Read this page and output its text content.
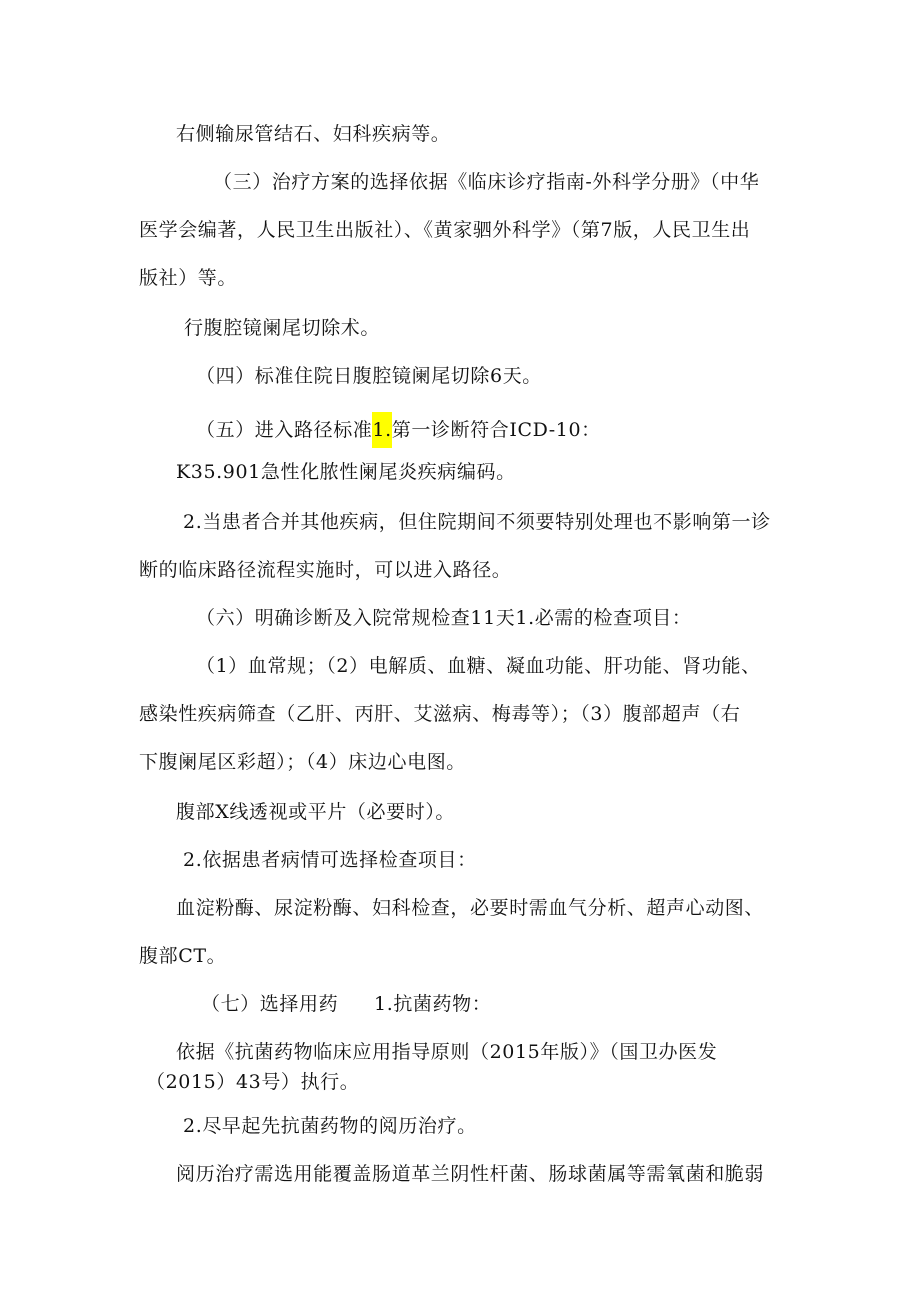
右侧输尿管结石、妇科疾病等。
（三）治疗方案的选择依据《临床诊疗指南-外科学分册》（中华
医学会编著，人民卫生出版社）、《黄家驷外科学》（第7版，人民卫生出
版社）等。
行腹腔镜阑尾切除术。
（四）标准住院日腹腔镜阑尾切除6天。
（五）进入路径标准1.第一诊断符合ICD-10：
K35.901急性化脓性阑尾炎疾病编码。
2.当患者合并其他疾病，但住院期间不须要特别处理也不影响第一诊
断的临床路径流程实施时，可以进入路径。
（六）明确诊断及入院常规检查11天1.必需的检查项目：
（1）血常规；（2）电解质、血糖、凝血功能、肝功能、肾功能、
感染性疾病筛查（乙肝、丙肝、艾滋病、梅毒等）；（3）腹部超声（右
下腹阑尾区彩超）；（4）床边心电图。
腹部X线透视或平片（必要时）。
2.依据患者病情可选择检查项目：
血淀粉酶、尿淀粉酶、妇科检查，必要时需血气分析、超声心动图、
腹部CT。
（七）选择用药 1.抗菌药物：
依据《抗菌药物临床应用指导原则（2015年版）》（国卫办医发
（2015）43号）执行。
2.尽早起先抗菌药物的阅历治疗。
阅历治疗需选用能覆盖肠道革兰阴性杆菌、肠球菌属等需氧菌和脆弱
